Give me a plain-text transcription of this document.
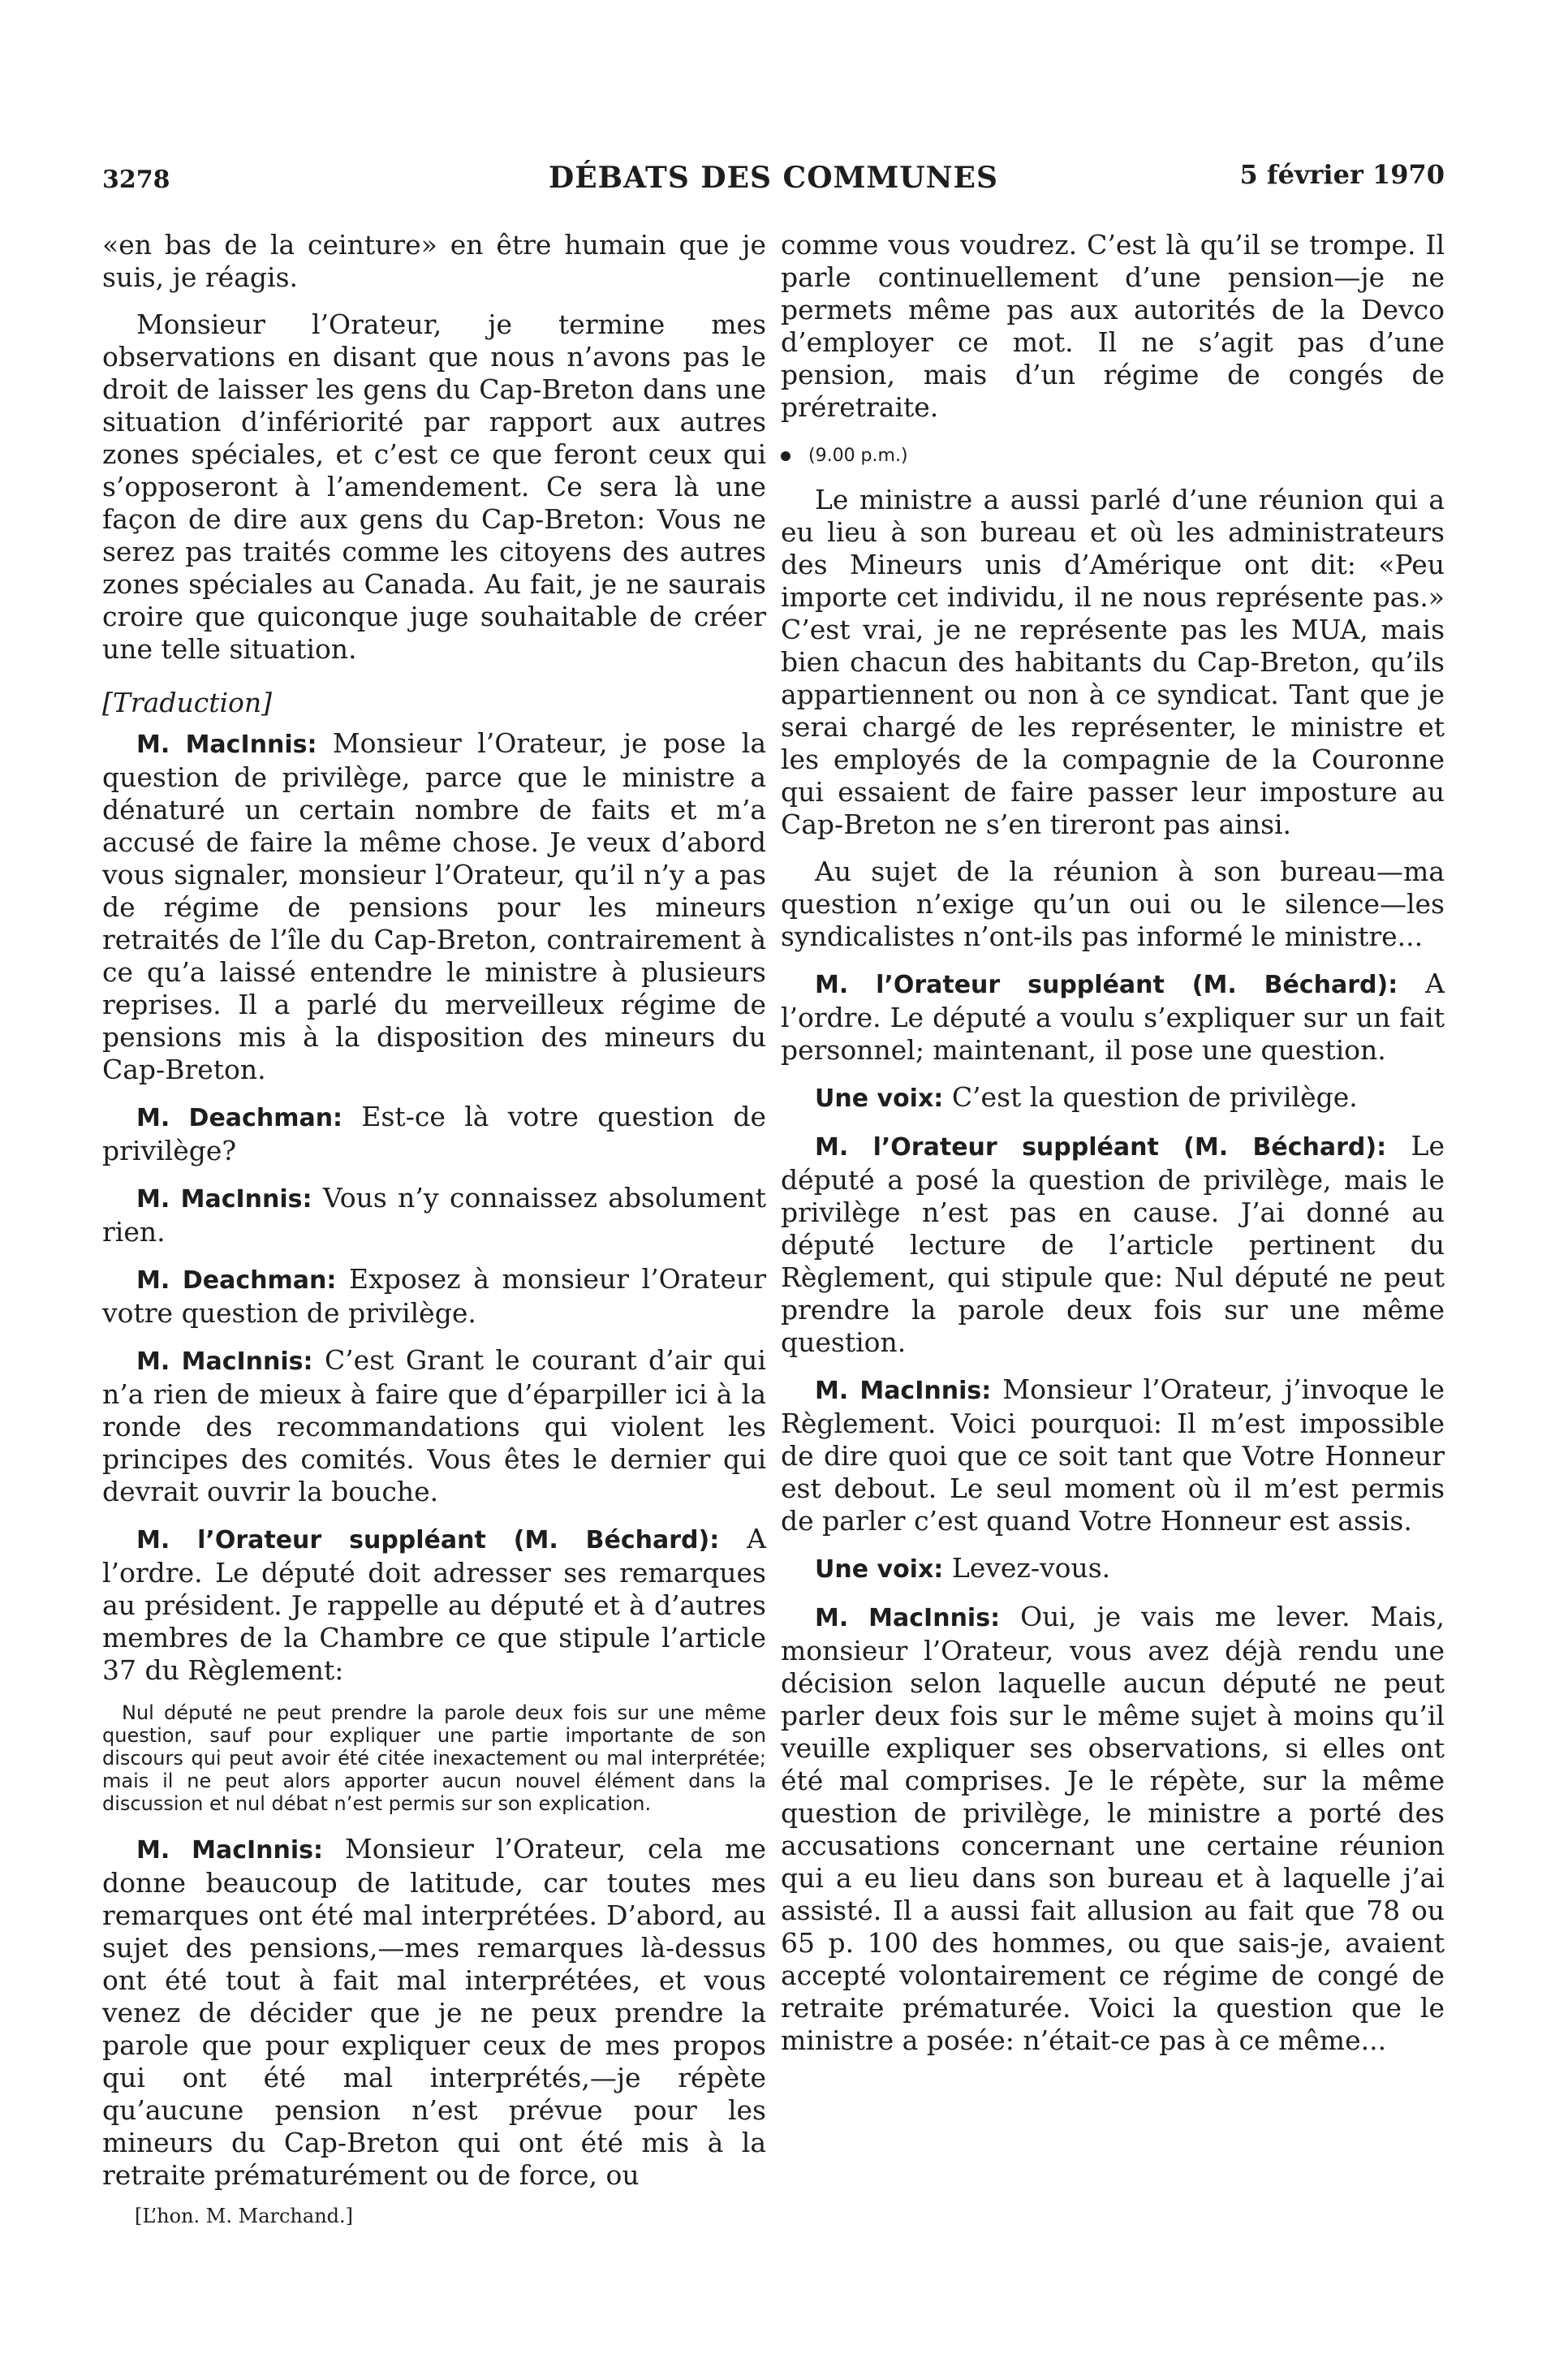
3278	DÉBATS DES COMMUNES	5 février 1970

«en bas de la ceinture» en être humain que je suis, je réagis.

Monsieur l’Orateur, je termine mes observations en disant que nous n’avons pas le droit de laisser les gens du Cap-Breton dans une situation d’infériorité par rapport aux autres zones spéciales, et c’est ce que feront ceux qui s’opposeront à l’amendement. Ce sera là une façon de dire aux gens du Cap-Breton: Vous ne serez pas traités comme les citoyens des autres zones spéciales au Canada. Au fait, je ne saurais croire que quiconque juge souhaitable de créer une telle situation.

[Traduction]

M. MacInnis: Monsieur l’Orateur, je pose la question de privilège, parce que le ministre a dénaturé un certain nombre de faits et m’a accusé de faire la même chose. Je veux d’abord vous signaler, monsieur l’Orateur, qu’il n’y a pas de régime de pensions pour les mineurs retraités de l’île du Cap-Breton, contrairement à ce qu’a laissé entendre le ministre à plusieurs reprises. Il a parlé du merveilleux régime de pensions mis à la disposition des mineurs du Cap-Breton.

M. Deachman: Est-ce là votre question de privilège?

M. MacInnis: Vous n’y connaissez absolument rien.

M. Deachman: Exposez à monsieur l’Orateur votre question de privilège.

M. MacInnis: C’est Grant le courant d’air qui n’a rien de mieux à faire que d’éparpiller ici à la ronde des recommandations qui violent les principes des comités. Vous êtes le dernier qui devrait ouvrir la bouche.

M. l’Orateur suppléant (M. Béchard): A l’ordre. Le député doit adresser ses remarques au président. Je rappelle au député et à d’autres membres de la Chambre ce que stipule l’article 37 du Règlement:

Nul député ne peut prendre la parole deux fois sur une même question, sauf pour expliquer une partie importante de son discours qui peut avoir été citée inexactement ou mal interprétée; mais il ne peut alors apporter aucun nouvel élément dans la discussion et nul débat n’est permis sur son explication.

M. MacInnis: Monsieur l’Orateur, cela me donne beaucoup de latitude, car toutes mes remarques ont été mal interprétées. D’abord, au sujet des pensions,—mes remarques là-dessus ont été tout à fait mal interprétées, et vous venez de décider que je ne peux prendre la parole que pour expliquer ceux de mes propos qui ont été mal interprétés,—je répète qu’aucune pension n’est prévue pour les mineurs du Cap-Breton qui ont été mis à la retraite prématurément ou de force, ou

comme vous voudrez. C’est là qu’il se trompe. Il parle continuellement d’une pension—je ne permets même pas aux autorités de la Devco d’employer ce mot. Il ne s’agit pas d’une pension, mais d’un régime de congés de préretraite.

(9.00 p.m.)

Le ministre a aussi parlé d’une réunion qui a eu lieu à son bureau et où les administrateurs des Mineurs unis d’Amérique ont dit: «Peu importe cet individu, il ne nous représente pas.» C’est vrai, je ne représente pas les MUA, mais bien chacun des habitants du Cap-Breton, qu’ils appartiennent ou non à ce syndicat. Tant que je serai chargé de les représenter, le ministre et les employés de la compagnie de la Couronne qui essaient de faire passer leur imposture au Cap-Breton ne s’en tireront pas ainsi.

Au sujet de la réunion à son bureau—ma question n’exige qu’un oui ou le silence—les syndicalistes n’ont-ils pas informé le ministre...

M. l’Orateur suppléant (M. Béchard): A l’ordre. Le député a voulu s’expliquer sur un fait personnel; maintenant, il pose une question.

Une voix: C’est la question de privilège.

M. l’Orateur suppléant (M. Béchard): Le député a posé la question de privilège, mais le privilège n’est pas en cause. J’ai donné au député lecture de l’article pertinent du Règlement, qui stipule que: Nul député ne peut prendre la parole deux fois sur une même question.

M. MacInnis: Monsieur l’Orateur, j’invoque le Règlement. Voici pourquoi: Il m’est impossible de dire quoi que ce soit tant que Votre Honneur est debout. Le seul moment où il m’est permis de parler c’est quand Votre Honneur est assis.

Une voix: Levez-vous.

M. MacInnis: Oui, je vais me lever. Mais, monsieur l’Orateur, vous avez déjà rendu une décision selon laquelle aucun député ne peut parler deux fois sur le même sujet à moins qu’il veuille expliquer ses observations, si elles ont été mal comprises. Je le répète, sur la même question de privilège, le ministre a porté des accusations concernant une certaine réunion qui a eu lieu dans son bureau et à laquelle j’ai assisté. Il a aussi fait allusion au fait que 78 ou 65 p. 100 des hommes, ou que sais-je, avaient accepté volontairement ce régime de congé de retraite prématurée. Voici la question que le ministre a posée: n’était-ce pas à ce même...

[L’hon. M. Marchand.]
